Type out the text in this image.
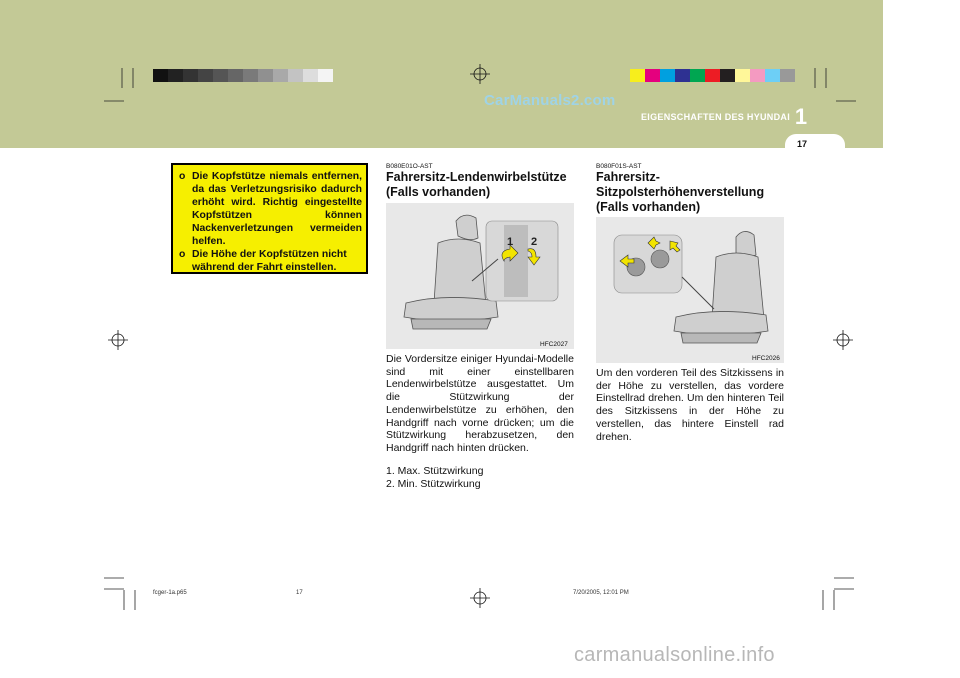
CarManuals2.com
EIGENSCHAFTEN DES HYUNDAI 1
17
o Die Kopfstütze niemals entfernen, da das Verletzungsrisiko dadurch erhöht wird. Richtig eingestellte Kopfstützen können Nackenverletzungen vermeiden helfen.
o Die Höhe der Kopfstützen nicht während der Fahrt einstellen.
B080E01O-AST
Fahrersitz-Lendenwirbelstütze
(Falls vorhanden)
1 2
HFC2027
Die Vordersitze einiger Hyundai-Modelle sind mit einer einstellbaren Lendenwirbelstütze ausgestattet. Um die Stützwirkung der Lendenwirbelstütze zu erhöhen, den Handgriff nach vorne drücken; um die Stützwirkung herabzusetzen, den Handgriff nach hinten drücken.
1. Max. Stützwirkung
2. Min. Stützwirkung
B080F01S-AST
Fahrersitz-
Sitzpolsterhöhenverstellung
(Falls vorhanden)
HFC2026
Um den vorderen Teil des Sitzkissens in der Höhe zu verstellen, das vordere Einstellrad drehen. Um den hinteren Teil des Sitzkissens in der Höhe zu verstellen, das hintere Einstell rad drehen.
fcger-1a.p65	17	7/20/2005, 12:01 PM
carmanualsonline.info
